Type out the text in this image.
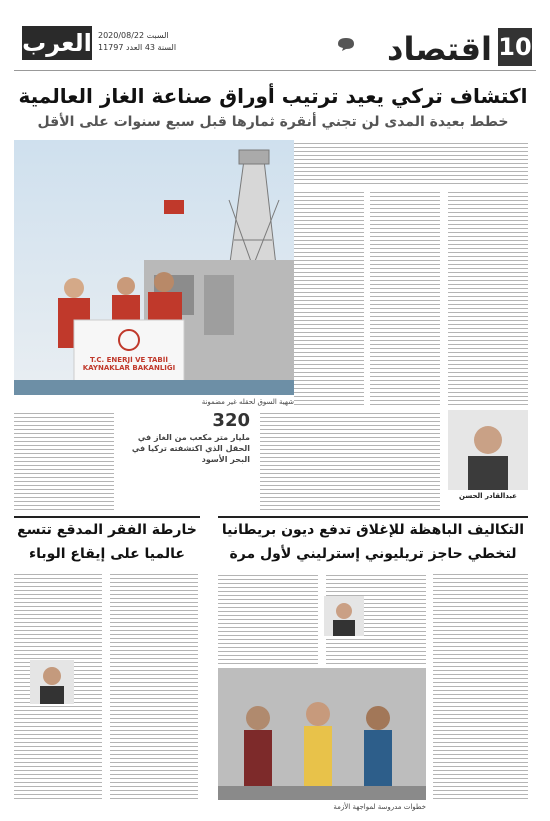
10
اقتصاد
السبت 2020/08/22
السنة 43 العدد 11797
العرب
اكتشاف تركي يعيد ترتيب أوراق صناعة الغاز العالمية
خطط بعيدة المدى لن تجني أنقرة ثمارها قبل سبع سنوات على الأقل
T.C. ENERJİ VE TABİİ KAYNAKLAR BAKANLIĞI
شهية السوق لحقله غير مضمونة
عبدالقادر الحسن
320
مليار متر مكعب من الغاز في الحقل الذي اكتشفته تركيا في البحر الأسود
التكاليف الباهظة للإغلاق تدفع ديون بريطانيا
لتخطي حاجز تريليوني إسترليني لأول مرة
خطوات مدروسة لمواجهة الأزمة
خارطة الفقر المدقع تتسع
عالميا على إيقاع الوباء
